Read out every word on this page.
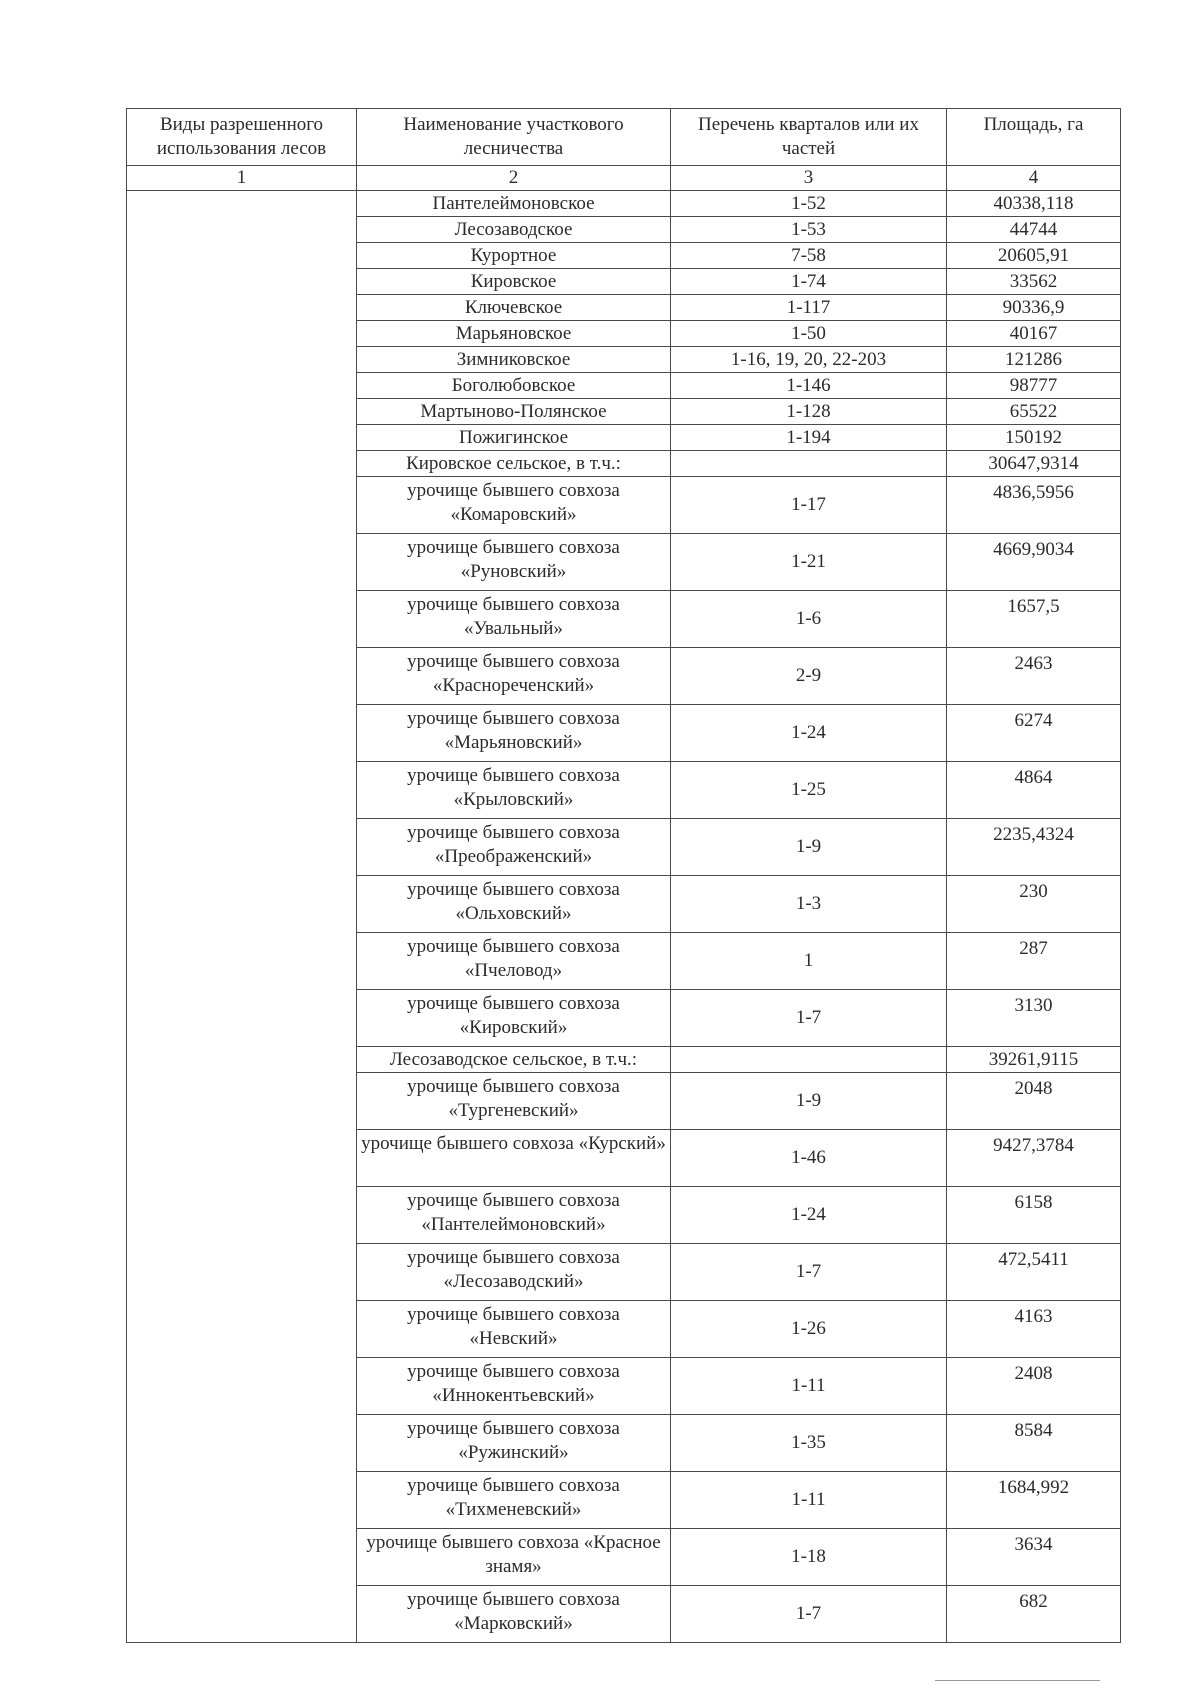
Виды разрешенного использования лесов	Наименование участкового лесничества	Перечень кварталов или их частей	Площадь, га
1	2	3	4
	Пантелеймоновское	1-52	40338,118
	Лесозаводское	1-53	44744
	Курортное	7-58	20605,91
	Кировское	1-74	33562
	Ключевское	1-117	90336,9
	Марьяновское	1-50	40167
	Зимниковское	1-16, 19, 20, 22-203	121286
	Боголюбовское	1-146	98777
	Мартыново-Полянское	1-128	65522
	Пожигинское	1-194	150192
	Кировское сельское, в т.ч.:		30647,9314
	урочище бывшего совхоза «Комаровский»	1-17	4836,5956
	урочище бывшего совхоза «Руновский»	1-21	4669,9034
	урочище бывшего совхоза «Увальный»	1-6	1657,5
	урочище бывшего совхоза «Краснореченский»	2-9	2463
	урочище бывшего совхоза «Марьяновский»	1-24	6274
	урочище бывшего совхоза «Крыловский»	1-25	4864
	урочище бывшего совхоза «Преображенский»	1-9	2235,4324
	урочище бывшего совхоза «Ольховский»	1-3	230
	урочище бывшего совхоза «Пчеловод»	1	287
	урочище бывшего совхоза «Кировский»	1-7	3130
	Лесозаводское сельское, в т.ч.:		39261,9115
	урочище бывшего совхоза «Тургеневский»	1-9	2048
	урочище бывшего совхоза «Курский»	1-46	9427,3784
	урочище бывшего совхоза «Пантелеймоновский»	1-24	6158
	урочище бывшего совхоза «Лесозаводский»	1-7	472,5411
	урочище бывшего совхоза «Невский»	1-26	4163
	урочище бывшего совхоза «Иннокентьевский»	1-11	2408
	урочище бывшего совхоза «Ружинский»	1-35	8584
	урочище бывшего совхоза «Тихменевский»	1-11	1684,992
	урочище бывшего совхоза «Красное знамя»	1-18	3634
	урочище бывшего совхоза «Марковский»	1-7	682
